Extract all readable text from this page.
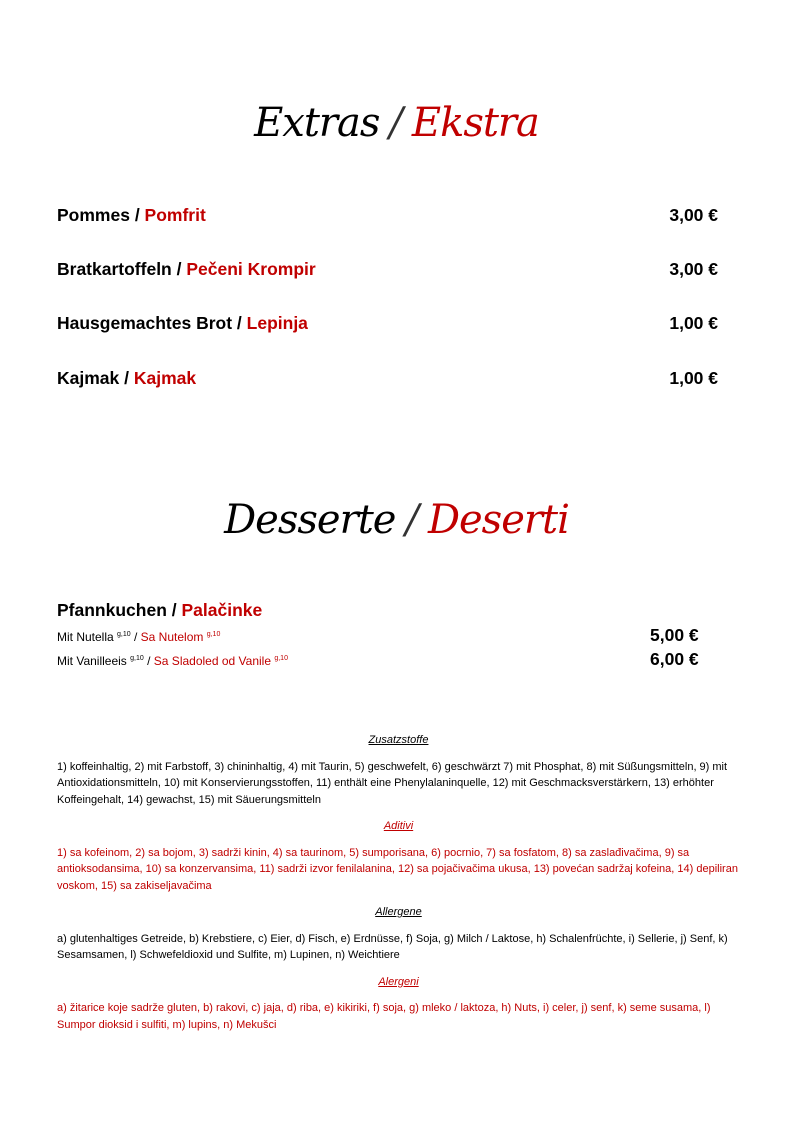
Extras / Ekstra
Pommes / Pomfrit	3,00 €
Bratkartoffeln / Pečeni Krompir	3,00 €
Hausgemachtes Brot / Lepinja	1,00 €
Kajmak / Kajmak	1,00 €
Desserte / Deserti
Pfannkuchen / Palačinke
Mit Nutella $^{g,10}$ / Sa Nutelom $^{g,10}$	5,00 €
Mit Vanilleeis $^{g,10}$ / Sa Sladoled od Vanile $^{g,10}$	6,00 €
Zusatzstoffe

1) koffeinhaltig, 2) mit Farbstoff, 3) chininhaltig, 4) mit Taurin, 5) geschwefelt, 6) geschwärzt 7) mit Phosphat, 8) mit Süßungsmitteln, 9) mit Antioxidationsmitteln, 10) mit Konservierungsstoffen, 11) enthält eine Phenylalaninquelle, 12) mit Geschmacksverstärkern, 13) erhöhter Koffeingehalt, 14) gewachst, 15) mit Säuerungsmitteln

Aditivi

1) sa kofeinom, 2) sa bojom, 3) sadrži kinin, 4) sa taurinom, 5) sumporisana, 6) pocrnio, 7) sa fosfatom, 8) sa zaslađivačima, 9) sa antioksodansima, 10) sa konzervansima, 11) sadrži izvor fenilalanina, 12) sa pojačivačima ukusa, 13) povećan sadržaj kofeina, 14) depiliran voskom, 15) sa zakiseljavačima

Allergene

a) glutenhaltiges Getreide, b) Krebstiere, c) Eier, d) Fisch, e) Erdnüsse, f) Soja, g) Milch / Laktose, h) Schalenfrüchte, i) Sellerie, j) Senf, k) Sesamsamen, l) Schwefeldioxid und Sulfite, m) Lupinen, n) Weichtiere

Alergeni

a) žitarice koje sadrže gluten, b) rakovi, c) jaja, d) riba, e) kikiriki, f) soja, g) mleko / laktoza, h) Nuts, i) celer, j) senf, k) seme susama, l) Sumpor dioksid i sulfiti, m) lupins, n) Mekušci
